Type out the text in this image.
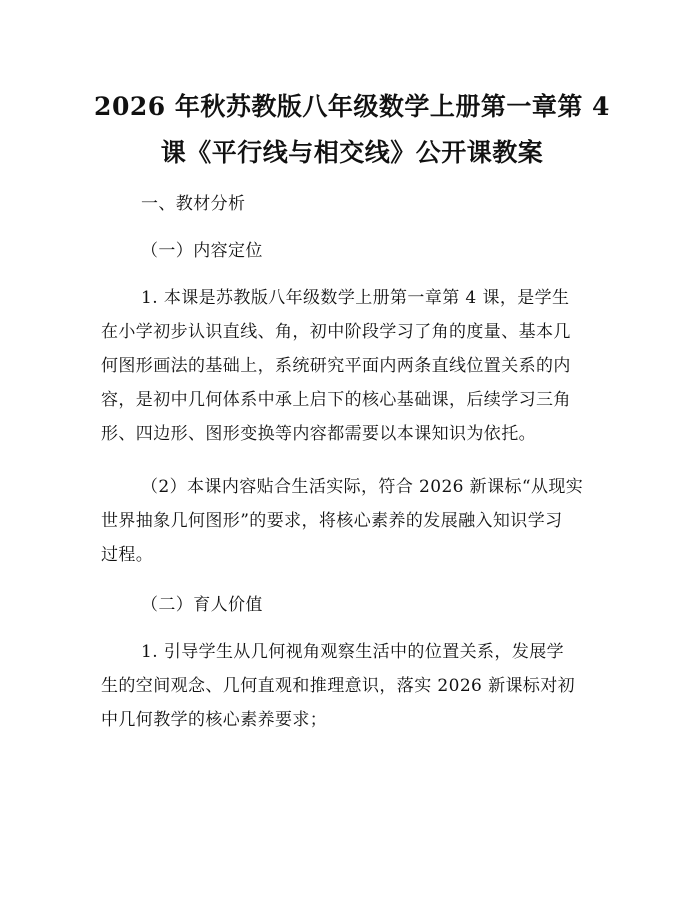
2026 年秋苏教版八年级数学上册第一章第 4
课《平行线与相交线》公开课教案
一、教材分析
（一）内容定位
1. 本课是苏教版八年级数学上册第一章第 4 课，是学生
在小学初步认识直线、角，初中阶段学习了角的度量、基本几
何图形画法的基础上，系统研究平面内两条直线位置关系的内
容，是初中几何体系中承上启下的核心基础课，后续学习三角
形、四边形、图形变换等内容都需要以本课知识为依托。
（2）本课内容贴合生活实际，符合 2026 新课标“从现实
世界抽象几何图形”的要求，将核心素养的发展融入知识学习
过程。
（二）育人价值
1. 引导学生从几何视角观察生活中的位置关系，发展学
生的空间观念、几何直观和推理意识，落实 2026 新课标对初
中几何教学的核心素养要求；
